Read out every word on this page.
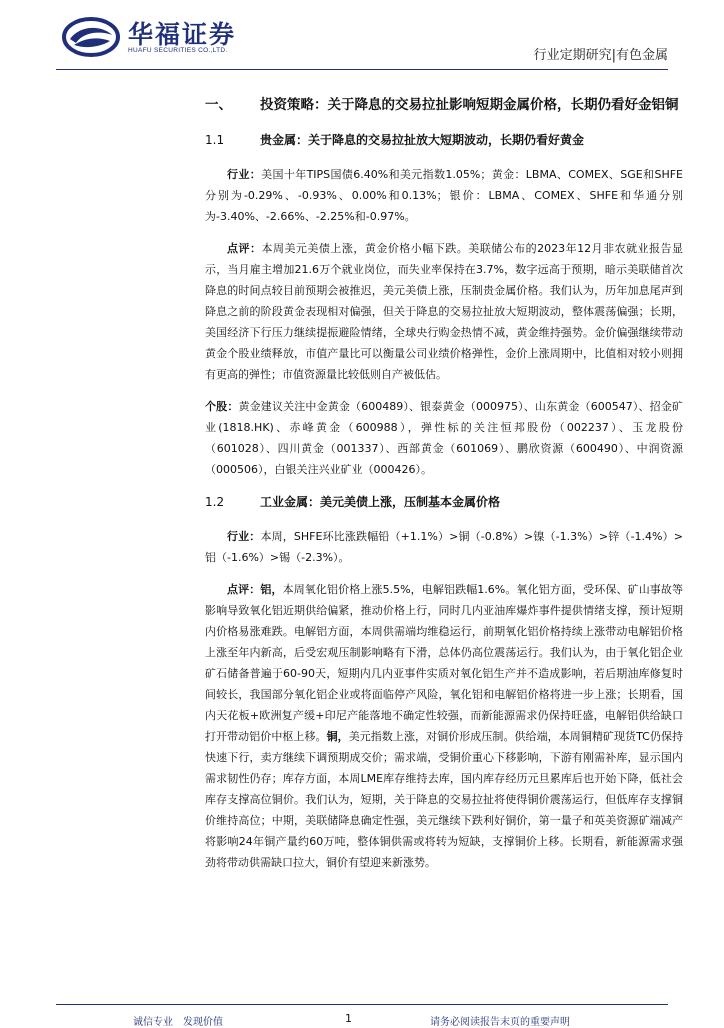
华福证券
HUAFU SECURITIES CO.,LTD.	行业定期研究|有色金属
一、 投资策略：关于降息的交易拉扯影响短期金属价格，长期仍看好金铝铜
1.1	贵金属：关于降息的交易拉扯放大短期波动，长期仍看好黄金
行业：美国十年TIPS国债6.40%和美元指数1.05%；黄金：LBMA、COMEX、SGE和SHFE分别为-0.29%、-0.93%、0.00%和0.13%；银价：LBMA、COMEX、SHFE和华通分别为-3.40%、-2.66%、-2.25%和-0.97%。
点评：本周美元美债上涨，黄金价格小幅下跌。美联储公布的2023年12月非农就业报告显示，当月雇主增加21.6万个就业岗位，而失业率保持在3.7%，数字远高于预期，暗示美联储首次降息的时间点较目前预期会被推迟，美元美债上涨，压制贵金属价格。我们认为，历年加息尾声到降息之前的阶段黄金表现相对偏强，但关于降息的交易拉扯放大短期波动，整体震荡偏强；长期，美国经济下行压力继续提振避险情绪，全球央行购金热情不减，黄金维持强势。金价偏强继续带动黄金个股业绩释放，市值产量比可以衡量公司业绩价格弹性，金价上涨周期中，比值相对较小则拥有更高的弹性；市值资源量比较低则自产被低估。
个股：黄金建议关注中金黄金（600489）、银泰黄金（000975）、山东黄金（600547）、招金矿业(1818.HK)、赤峰黄金（600988），弹性标的关注恒邦股份（002237）、玉龙股份（601028）、四川黄金（001337）、西部黄金（601069）、鹏欣资源（600490）、中润资源（000506），白银关注兴业矿业（000426）。
1.2	工业金属：美元美债上涨，压制基本金属价格
行业：本周，SHFE环比涨跌幅铅（+1.1%）>铜（-0.8%）>镍（-1.3%）>锌（-1.4%）>铝（-1.6%）>锡（-2.3%）。
点评：铝，本周氧化铝价格上涨5.5%，电解铝跌幅1.6%。氧化铝方面，受环保、矿山事故等影响导致氧化铝近期供给偏紧，推动价格上行，同时几内亚油库爆炸事件提供情绪支撑，预计短期内价格易涨难跌。电解铝方面，本周供需端均维稳运行，前期氧化铝价格持续上涨带动电解铝价格上涨至年内新高，后受宏观压制影响略有下滑，总体仍高位震荡运行。我们认为，由于氧化铝企业矿石储备普遍于60-90天，短期内几内亚事件实质对氧化铝生产并不造成影响，若后期油库修复时间较长，我国部分氧化铝企业或将面临停产风险，氧化铝和电解铝价格将进一步上涨；长期看，国内天花板+欧洲复产缓+印尼产能落地不确定性较强，而新能源需求仍保持旺盛，电解铝供给缺口打开带动铝价中枢上移。铜，美元指数上涨，对铜价形成压制。供给端，本周铜精矿现货TC仍保持快速下行，卖方继续下调预期成交价；需求端，受铜价重心下移影响，下游有刚需补库，显示国内需求韧性仍存；库存方面，本周LME库存维持去库，国内库存经历元旦累库后也开始下降，低社会库存支撑高位铜价。我们认为，短期，关于降息的交易拉扯将使得铜价震荡运行，但低库存支撑铜价维持高位；中期，美联储降息确定性强，美元继续下跌利好铜价，第一量子和英美资源矿端减产将影响24年铜产量约60万吨，整体铜供需或将转为短缺，支撑铜价上移。长期看，新能源需求强劲将带动供需缺口拉大，铜价有望迎来新涨势。
诚信专业　发现价值	1	请务必阅读报告末页的重要声明
